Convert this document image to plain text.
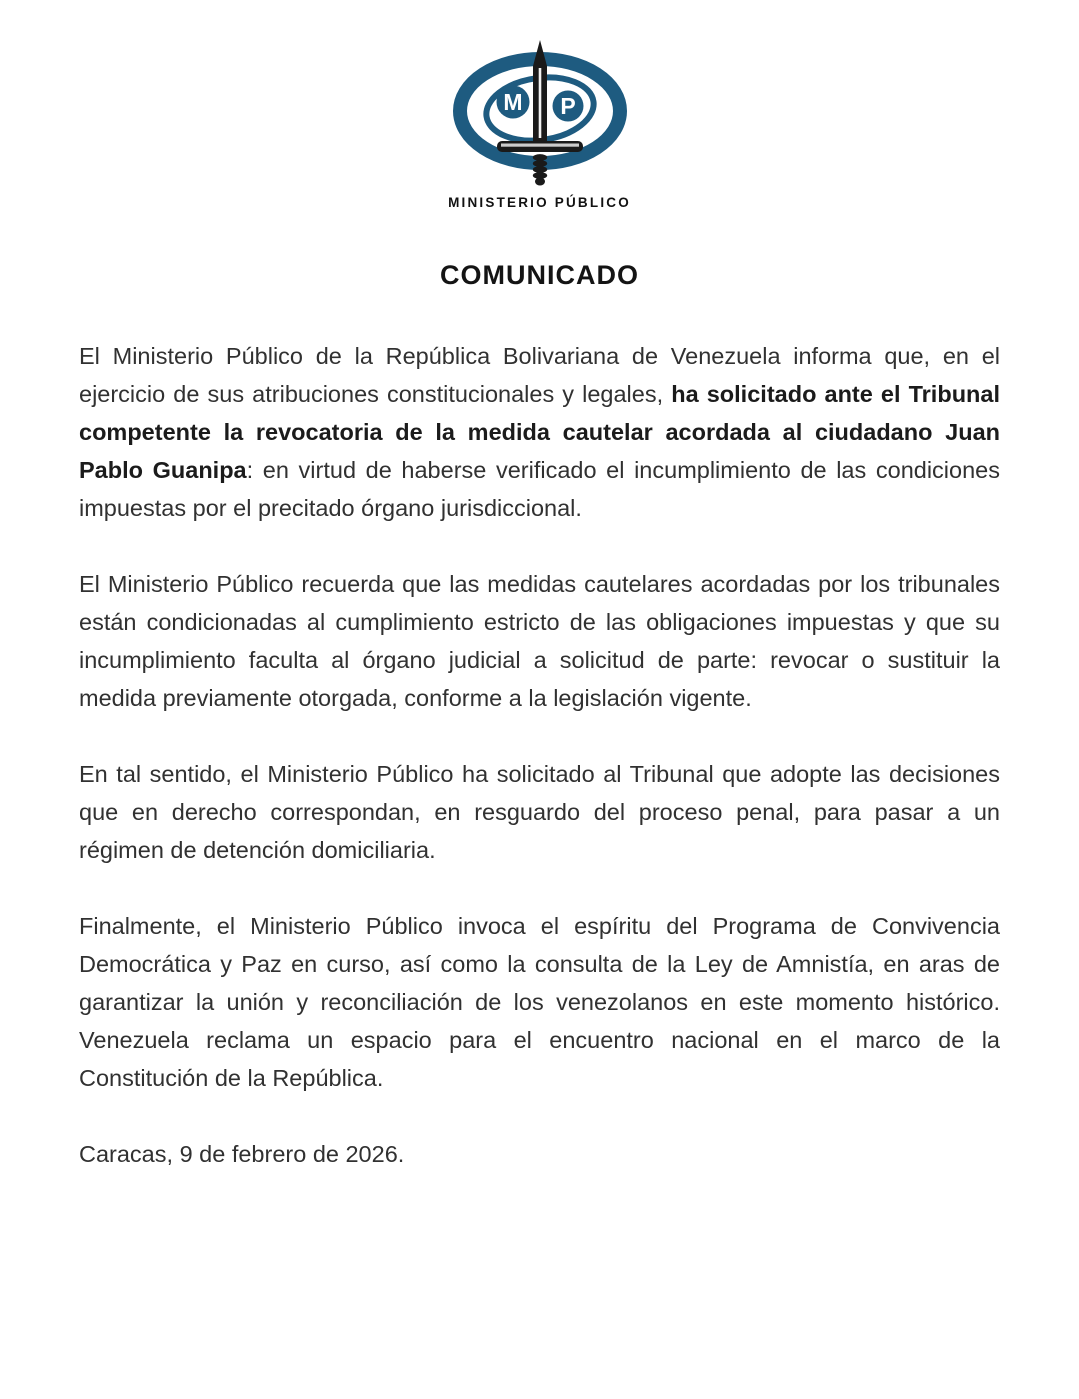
M P
MINISTERIO PÚBLICO
COMUNICADO

El Ministerio Público de la República Bolivariana de Venezuela informa que, en el ejercicio de sus atribuciones constitucionales y legales, ha solicitado ante el Tribunal competente la revocatoria de la medida cautelar acordada al ciudadano Juan Pablo Guanipa: en virtud de haberse verificado el incumplimiento de las condiciones impuestas por el precitado órgano jurisdiccional.

El Ministerio Público recuerda que las medidas cautelares acordadas por los tribunales están condicionadas al cumplimiento estricto de las obligaciones impuestas y que su incumplimiento faculta al órgano judicial a solicitud de parte: revocar o sustituir la medida previamente otorgada, conforme a la legislación vigente.

En tal sentido, el Ministerio Público ha solicitado al Tribunal que adopte las decisiones que en derecho correspondan, en resguardo del proceso penal, para pasar a un régimen de detención domiciliaria.

Finalmente, el Ministerio Público invoca el espíritu del Programa de Convivencia Democrática y Paz en curso, así como la consulta de la Ley de Amnistía, en aras de garantizar la unión y reconciliación de los venezolanos en este momento histórico. Venezuela reclama un espacio para el encuentro nacional en el marco de la Constitución de la República.

Caracas, 9 de febrero de 2026.
